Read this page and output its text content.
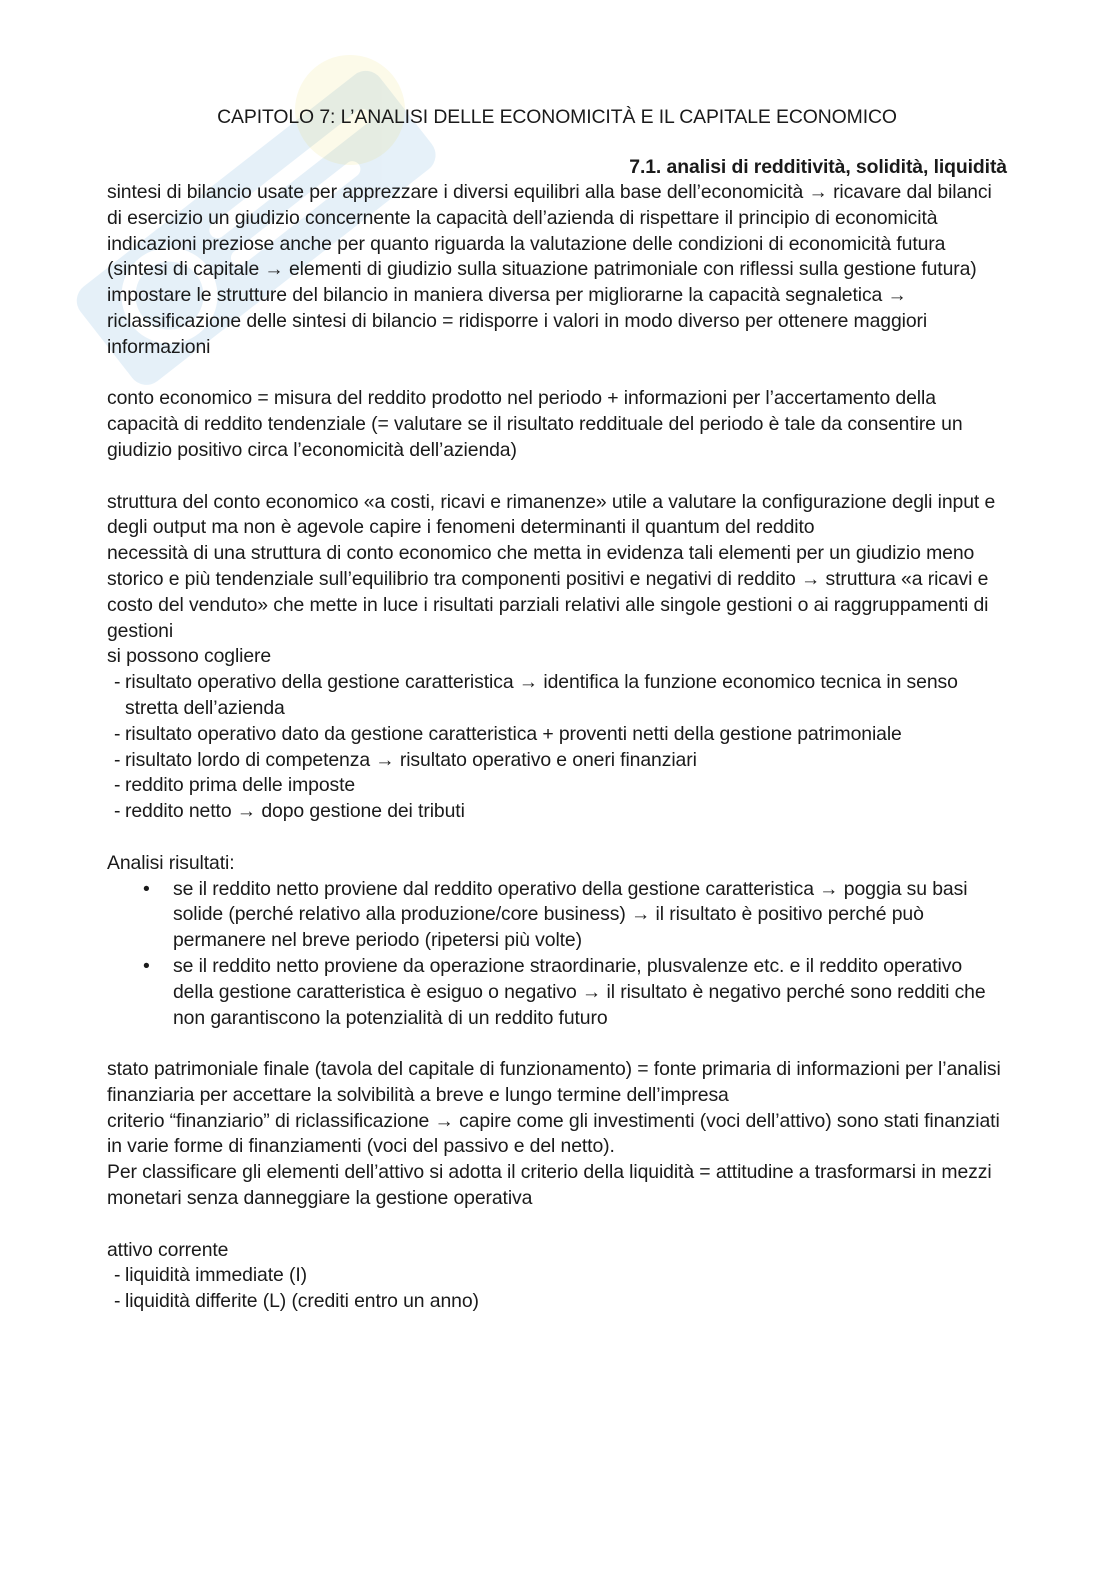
CAPITOLO 7: L’ANALISI DELLE ECONOMICITÀ E IL CAPITALE ECONOMICO
7.1. analisi di redditività, solidità, liquidità

sintesi di bilancio usate per apprezzare i diversi equilibri alla base dell’economicità → ricavare dal bilanci di esercizio un giudizio concernente la capacità dell’azienda di rispettare il principio di economicità

indicazioni preziose anche per quanto riguarda la valutazione delle condizioni di economicità futura (sintesi di capitale → elementi di giudizio sulla situazione patrimoniale con riflessi sulla gestione futura)

impostare le strutture del bilancio in maniera diversa per migliorarne la capacità segnaletica → riclassificazione delle sintesi di bilancio = ridisporre i valori in modo diverso per ottenere maggiori informazioni

conto economico = misura del reddito prodotto nel periodo + informazioni per l’accertamento della capacità di reddito tendenziale (= valutare se il risultato reddituale del periodo è tale da consentire un giudizio positivo circa l’economicità dell’azienda)

struttura del conto economico «a costi, ricavi e rimanenze» utile a valutare la configurazione degli input e degli output ma non è agevole capire i fenomeni determinanti il quantum del reddito

necessità di una struttura di conto economico che metta in evidenza tali elementi per un giudizio meno storico e più tendenziale sull’equilibrio tra componenti positivi e negativi di reddito → struttura «a ricavi e costo del venduto» che mette in luce i risultati parziali relativi alle singole gestioni o ai raggruppamenti di gestioni

si possono cogliere

- risultato operativo della gestione caratteristica → identifica la funzione economico tecnica in senso stretta dell’azienda
- risultato operativo dato da gestione caratteristica + proventi netti della gestione patrimoniale
- risultato lordo di competenza → risultato operativo e oneri finanziari
- reddito prima delle imposte
- reddito netto → dopo gestione dei tributi

Analisi risultati:

• se il reddito netto proviene dal reddito operativo della gestione caratteristica → poggia su basi solide (perché relativo alla produzione/core business) → il risultato è positivo perché può permanere nel breve periodo (ripetersi più volte)
• se il reddito netto proviene da operazione straordinarie, plusvalenze etc. e il reddito operativo della gestione caratteristica è esiguo o negativo → il risultato è negativo perché sono redditi che non garantiscono la potenzialità di un reddito futuro

stato patrimoniale finale (tavola del capitale di funzionamento) = fonte primaria di informazioni per l’analisi finanziaria per accettare la solvibilità a breve e lungo termine dell’impresa

criterio “finanziario” di riclassificazione → capire come gli investimenti (voci dell’attivo) sono stati finanziati in varie forme di finanziamenti (voci del passivo e del netto).

Per classificare gli elementi dell’attivo si adotta il criterio della liquidità = attitudine a trasformarsi in mezzi monetari senza danneggiare la gestione operativa

attivo corrente

- liquidità immediate (I)
- liquidità differite (L) (crediti entro un anno)
